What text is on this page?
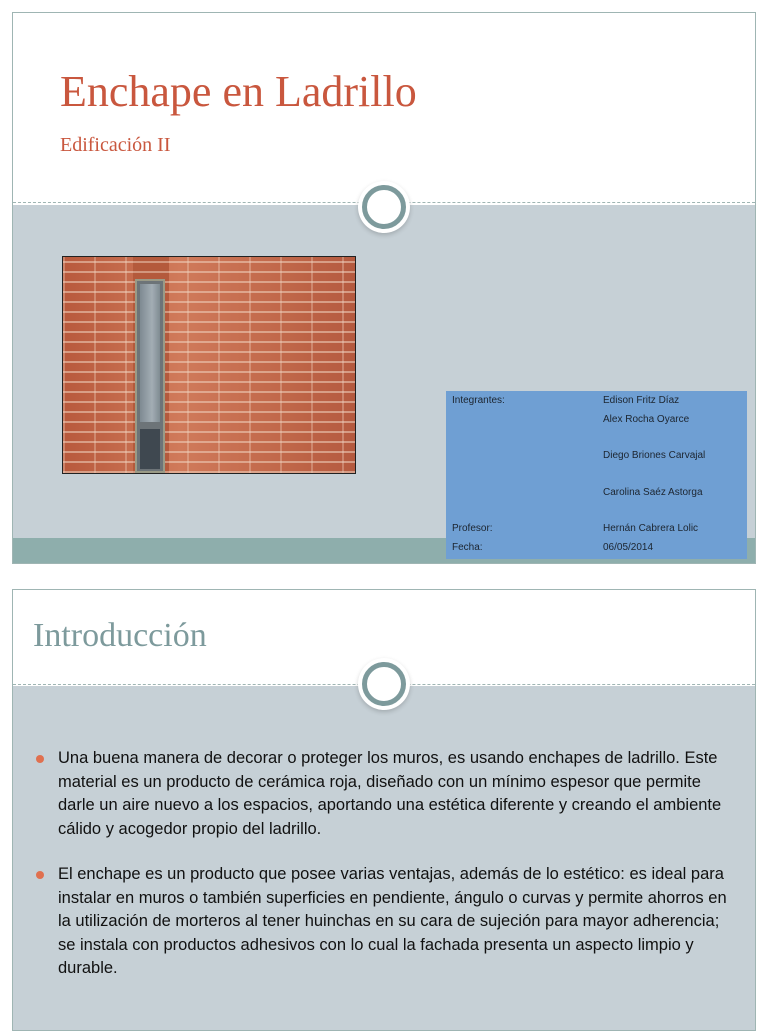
Enchape en Ladrillo

Edificación II

Integrantes:	Edison Fritz Díaz

Alex Rocha Oyarce

Diego Briones Carvajal

Carolina Saéz Astorga

Profesor:	Hernán Cabrera Lolic

Fecha:	06/05/2014

Introducción
Una buena manera de decorar o proteger los muros, es usando enchapes de ladrillo. Este material es un producto de cerámica roja, diseñado con un mínimo espesor que permite darle un aire nuevo a los espacios, aportando una estética diferente y creando el ambiente cálido y acogedor propio del ladrillo.
El enchape es un producto que posee varias ventajas, además de lo estético: es ideal para instalar en muros o también superficies en pendiente, ángulo o curvas y permite ahorros en la utilización de morteros al tener huinchas en su cara de sujeción para mayor adherencia; se instala con productos adhesivos con lo cual la fachada presenta un aspecto limpio y durable.
